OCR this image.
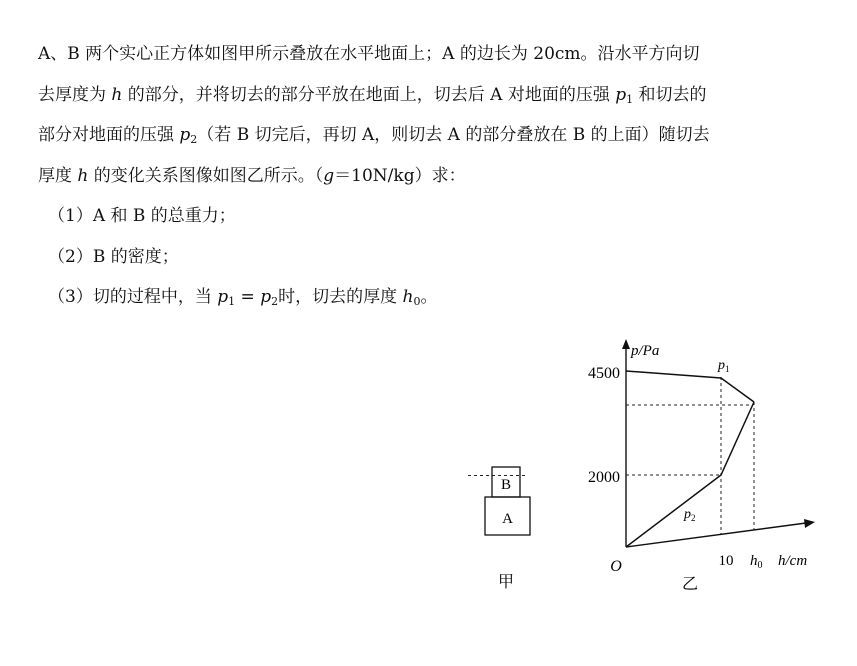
A、B 两个实心正方体如图甲所示叠放在水平地面上；A 的边长为 20cm。沿水平方向切
去厚度为 h 的部分，并将切去的部分平放在地面上，切去后 A 对地面的压强 $p_1$ 和切去的
部分对地面的压强 $p_2$（若 B 切完后，再切 A，则切去 A 的部分叠放在 B 的上面）随切去
厚度 h 的变化关系图像如图乙所示。（g＝10N/kg）求：
（1）A 和 B 的总重力；
（2）B 的密度；
（3）切的过程中，当 $p_1 = p_2$时，切去的厚度 $h_0$。
B
A
甲
p/Pa
4500
2000
O	10 $h_0$ h/cm
$p_1$
$p_2$
乙
